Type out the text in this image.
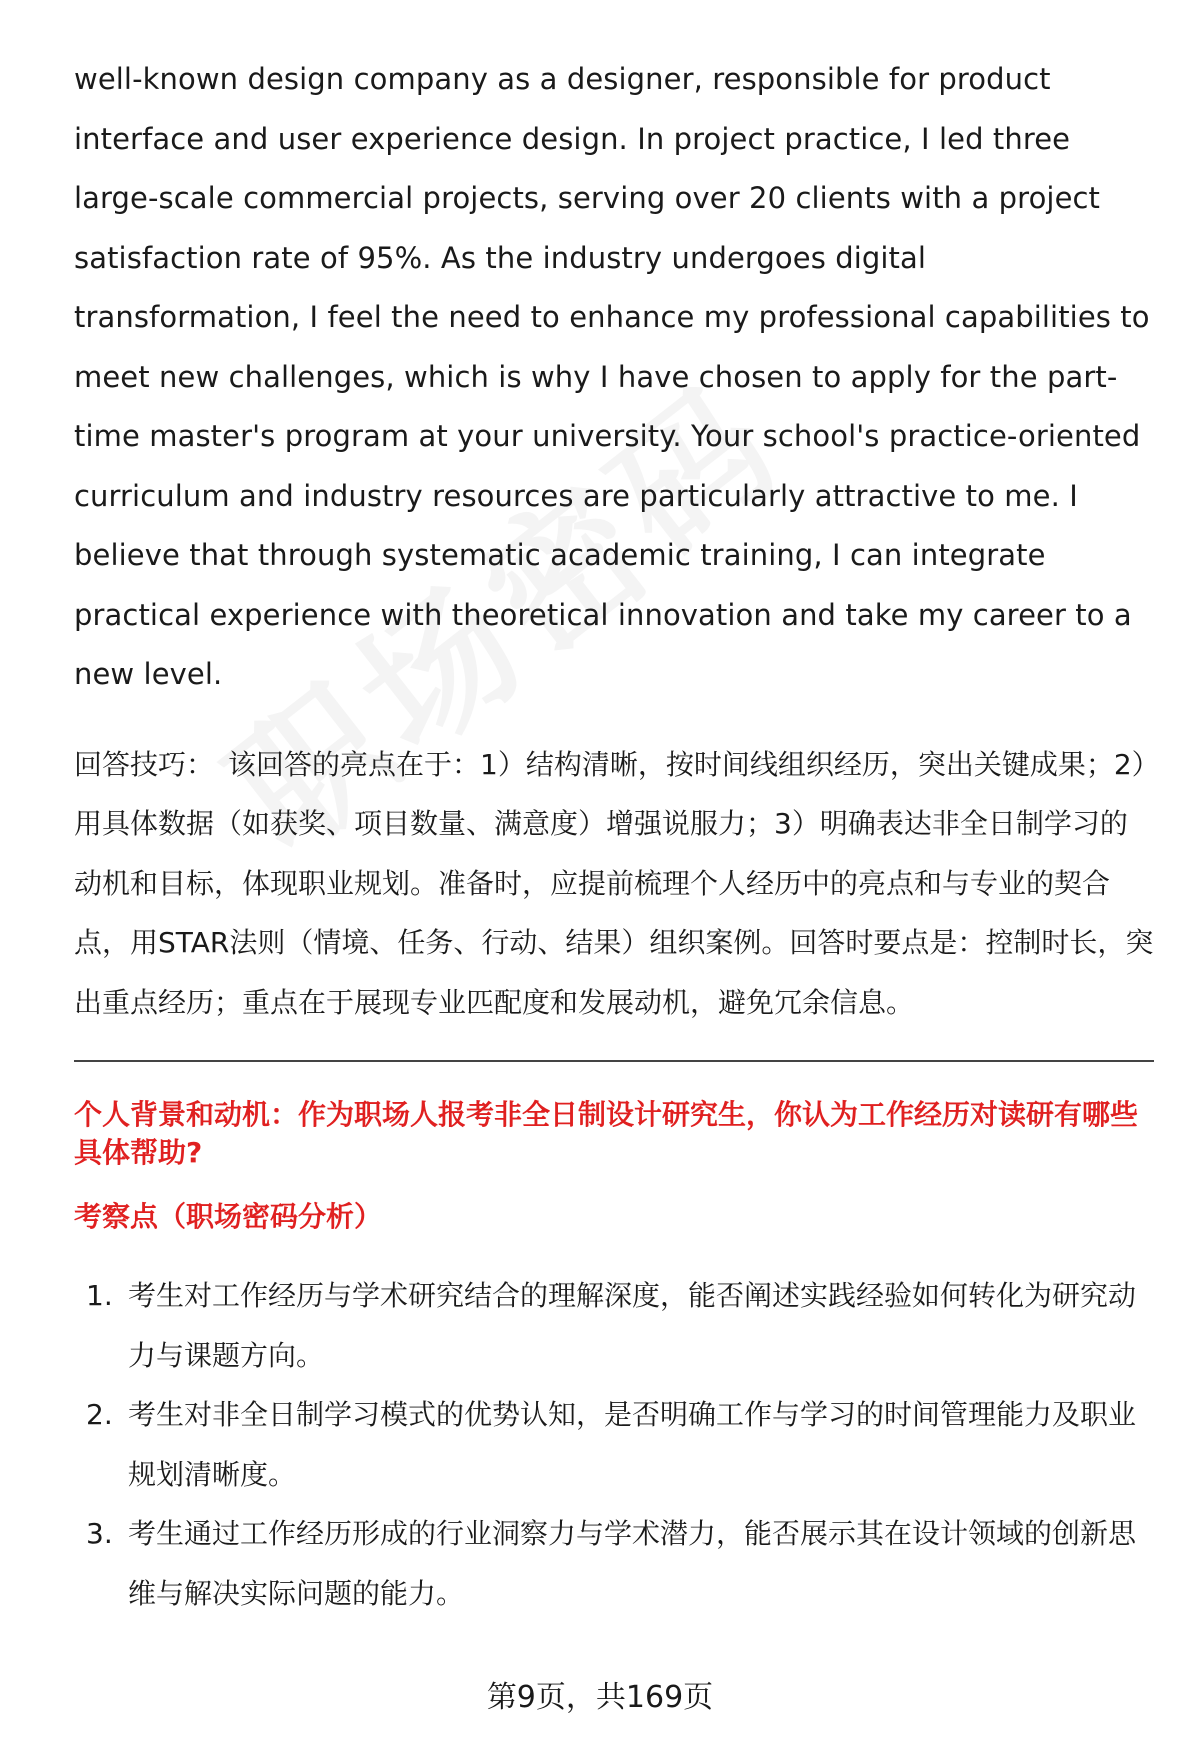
well-known design company as a designer, responsible for product interface and user experience design. In project practice, I led three large-scale commercial projects, serving over 20 clients with a project satisfaction rate of 95%. As the industry undergoes digital transformation, I feel the need to enhance my professional capabilities to meet new challenges, which is why I have chosen to apply for the part-time master's program at your university. Your school's practice-oriented curriculum and industry resources are particularly attractive to me. I believe that through systematic academic training, I can integrate practical experience with theoretical innovation and take my career to a new level.

回答技巧： 该回答的亮点在于：1）结构清晰，按时间线组织经历，突出关键成果；2）用具体数据（如获奖、项目数量、满意度）增强说服力；3）明确表达非全日制学习的动机和目标，体现职业规划。准备时，应提前梳理个人经历中的亮点和与专业的契合点，用STAR法则（情境、任务、行动、结果）组织案例。回答时要点是：控制时长，突出重点经历；重点在于展现专业匹配度和发展动机，避免冗余信息。

个人背景和动机：作为职场人报考非全日制设计研究生，你认为工作经历对读研有哪些具体帮助?
考察点（职场密码分析）
1. 考生对工作经历与学术研究结合的理解深度，能否阐述实践经验如何转化为研究动力与课题方向。
2. 考生对非全日制学习模式的优势认知，是否明确工作与学习的时间管理能力及职业规划清晰度。
3. 考生通过工作经历形成的行业洞察力与学术潜力，能否展示其在设计领域的创新思维与解决实际问题的能力。
第9页，共169页
